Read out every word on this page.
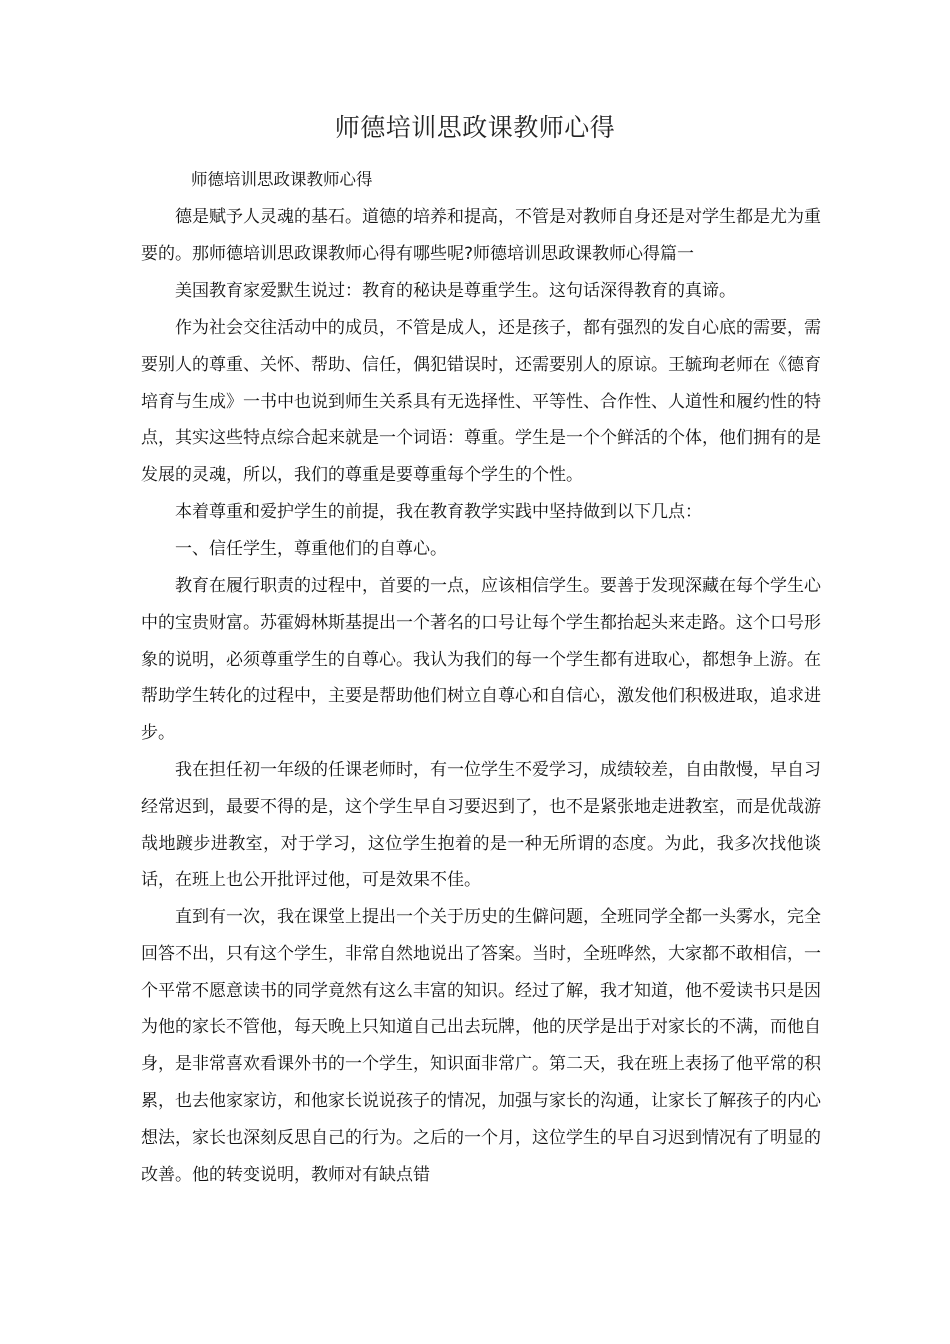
师德培训思政课教师心得

师德培训思政课教师心得

德是赋予人灵魂的基石。道德的培养和提高，不管是对教师自身还是对学生都是尤为重要的。那师德培训思政课教师心得有哪些呢?师德培训思政课教师心得篇一

美国教育家爱默生说过：教育的秘诀是尊重学生。这句话深得教育的真谛。

作为社会交往活动中的成员，不管是成人，还是孩子，都有强烈的发自心底的需要，需要别人的尊重、关怀、帮助、信任，偶犯错误时，还需要别人的原谅。王毓珣老师在《德育培育与生成》一书中也说到师生关系具有无选择性、平等性、合作性、人道性和履约性的特点，其实这些特点综合起来就是一个词语：尊重。学生是一个个鲜活的个体，他们拥有的是发展的灵魂，所以，我们的尊重是要尊重每个学生的个性。

本着尊重和爱护学生的前提，我在教育教学实践中坚持做到以下几点：

一、信任学生，尊重他们的自尊心。

教育在履行职责的过程中，首要的一点，应该相信学生。要善于发现深藏在每个学生心中的宝贵财富。苏霍姆林斯基提出一个著名的口号让每个学生都抬起头来走路。这个口号形象的说明，必须尊重学生的自尊心。我认为我们的每一个学生都有进取心，都想争上游。在帮助学生转化的过程中，主要是帮助他们树立自尊心和自信心，激发他们积极进取，追求进步。

我在担任初一年级的任课老师时，有一位学生不爱学习，成绩较差，自由散慢，早自习经常迟到，最要不得的是，这个学生早自习要迟到了，也不是紧张地走进教室，而是优哉游哉地踱步进教室，对于学习，这位学生抱着的是一种无所谓的态度。为此，我多次找他谈话，在班上也公开批评过他，可是效果不佳。

直到有一次，我在课堂上提出一个关于历史的生僻问题，全班同学全都一头雾水，完全回答不出，只有这个学生，非常自然地说出了答案。当时，全班哗然，大家都不敢相信，一个平常不愿意读书的同学竟然有这么丰富的知识。经过了解，我才知道，他不爱读书只是因为他的家长不管他，每天晚上只知道自己出去玩牌，他的厌学是出于对家长的不满，而他自身，是非常喜欢看课外书的一个学生，知识面非常广。第二天，我在班上表扬了他平常的积累，也去他家家访，和他家长说说孩子的情况，加强与家长的沟通，让家长了解孩子的内心想法，家长也深刻反思自己的行为。之后的一个月，这位学生的早自习迟到情况有了明显的改善。他的转变说明，教师对有缺点错
